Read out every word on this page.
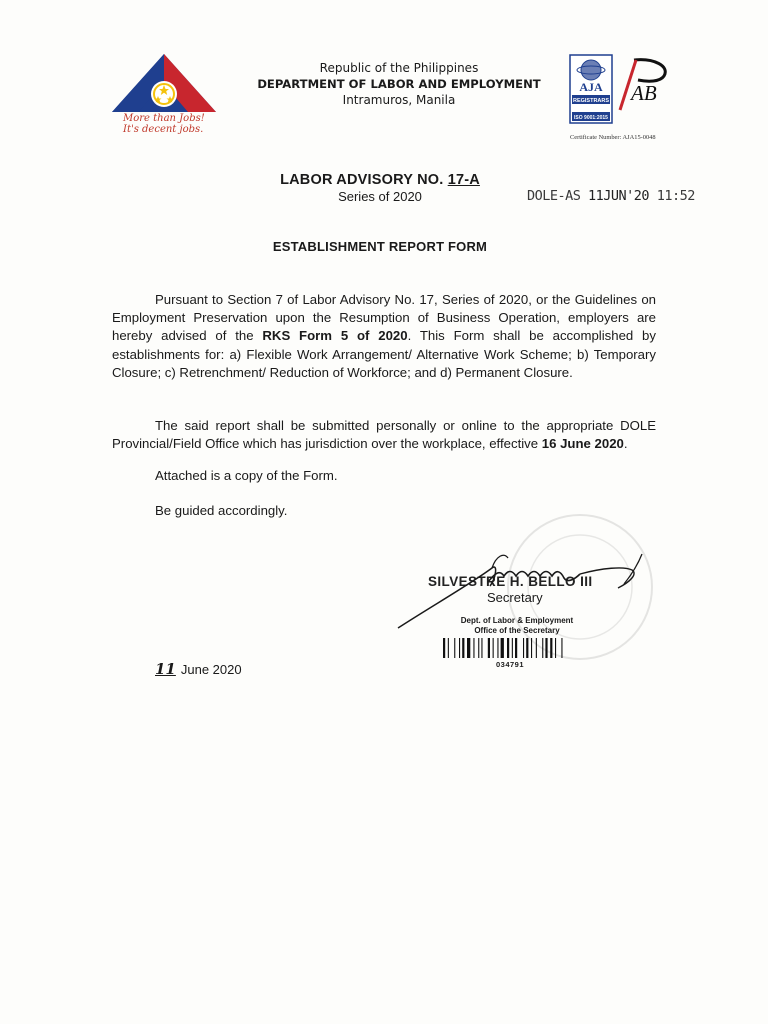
More than Jobs!
It's decent jobs.
Republic of the Philippines
DEPARTMENT OF LABOR AND EMPLOYMENT
Intramuros, Manila
AJA
REGISTRARS
ISO 9001:2015
AB
Certificate Number: AJA15-0048
LABOR ADVISORY NO. 17-A
Series of 2020	DOLE-AS 11JUN'20 11:52
ESTABLISHMENT REPORT FORM
Pursuant to Section 7 of Labor Advisory No. 17, Series of 2020, or the Guidelines on Employment Preservation upon the Resumption of Business Operation, employers are hereby advised of the RKS Form 5 of 2020. This Form shall be accomplished by establishments for: a) Flexible Work Arrangement/ Alternative Work Scheme; b) Temporary Closure; c) Retrenchment/ Reduction of Workforce; and d) Permanent Closure.
The said report shall be submitted personally or online to the appropriate DOLE Provincial/Field Office which has jurisdiction over the workplace, effective 16 June 2020.
Attached is a copy of the Form.
Be guided accordingly.
SILVESTRE H. BELLO III
Secretary
Dept. of Labor & Employment
Office of the Secretary
034791
11 June 2020
